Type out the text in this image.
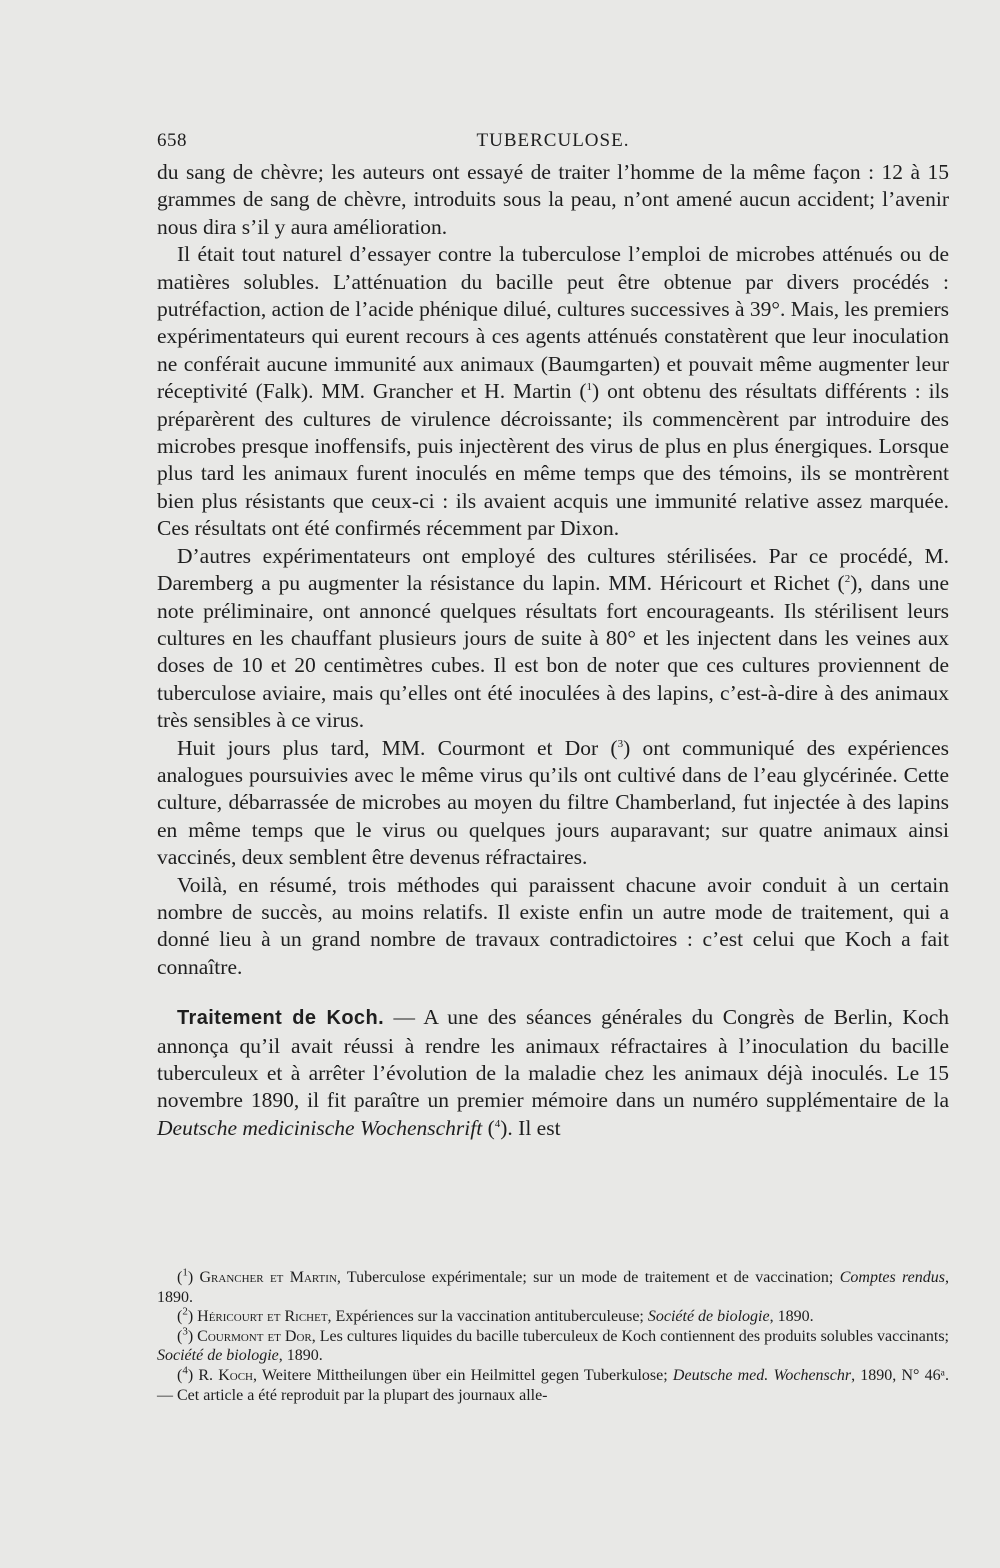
658	TUBERCULOSE.

du sang de chèvre; les auteurs ont essayé de traiter l’homme de la même façon : 12 à 15 grammes de sang de chèvre, introduits sous la peau, n’ont amené aucun accident; l’avenir nous dira s’il y aura amélioration.

Il était tout naturel d’essayer contre la tuberculose l’emploi de microbes atténués ou de matières solubles. L’atténuation du bacille peut être obtenue par divers procédés : putréfaction, action de l’acide phénique dilué, cultures successives à 39°. Mais, les premiers expérimentateurs qui eurent recours à ces agents atténués constatèrent que leur inoculation ne conférait aucune immunité aux animaux (Baumgarten) et pouvait même augmenter leur réceptivité (Falk). MM. Grancher et H. Martin ($^1$) ont obtenu des résultats différents : ils préparèrent des cultures de virulence décroissante; ils commencèrent par introduire des microbes presque inoffensifs, puis injectèrent des virus de plus en plus énergiques. Lorsque plus tard les animaux furent inoculés en même temps que des témoins, ils se montrèrent bien plus résistants que ceux-ci : ils avaient acquis une immunité relative assez marquée. Ces résultats ont été confirmés récemment par Dixon.

D’autres expérimentateurs ont employé des cultures stérilisées. Par ce procédé, M. Daremberg a pu augmenter la résistance du lapin. MM. Héricourt et Richet ($^2$), dans une note préliminaire, ont annoncé quelques résultats fort encourageants. Ils stérilisent leurs cultures en les chauffant plusieurs jours de suite à 80° et les injectent dans les veines aux doses de 10 et 20 centimètres cubes. Il est bon de noter que ces cultures proviennent de tuberculose aviaire, mais qu’elles ont été inoculées à des lapins, c’est-à-dire à des animaux très sensibles à ce virus.

Huit jours plus tard, MM. Courmont et Dor ($^3$) ont communiqué des expériences analogues poursuivies avec le même virus qu’ils ont cultivé dans de l’eau glycérinée. Cette culture, débarrassée de microbes au moyen du filtre Chamberland, fut injectée à des lapins en même temps que le virus ou quelques jours auparavant; sur quatre animaux ainsi vaccinés, deux semblent être devenus réfractaires.

Voilà, en résumé, trois méthodes qui paraissent chacune avoir conduit à un certain nombre de succès, au moins relatifs. Il existe enfin un autre mode de traitement, qui a donné lieu à un grand nombre de travaux contradictoires : c’est celui que Koch a fait connaître.

Traitement de Koch. — A une des séances générales du Congrès de Berlin, Koch annonça qu’il avait réussi à rendre les animaux réfractaires à l’inoculation du bacille tuberculeux et à arrêter l’évolution de la maladie chez les animaux déjà inoculés. Le 15 novembre 1890, il fit paraître un premier mémoire dans un numéro supplémentaire de la Deutsche medicinische Wochenschrift ($^4$). Il est

($^1$) Grancher et Martin, Tuberculose expérimentale; sur un mode de traitement et de vaccination; Comptes rendus, 1890.

($^2$) Héricourt et Richet, Expériences sur la vaccination antituberculeuse; Société de biologie, 1890.

($^3$) Courmont et Dor, Les cultures liquides du bacille tuberculeux de Koch contiennent des produits solubles vaccinants; Société de biologie, 1890.

($^4$) R. Koch, Weitere Mittheilungen über ein Heilmittel gegen Tuberkulose; Deutsche med. Wochenschr, 1890, N° 46ᵃ. — Cet article a été reproduit par la plupart des journaux alle-
